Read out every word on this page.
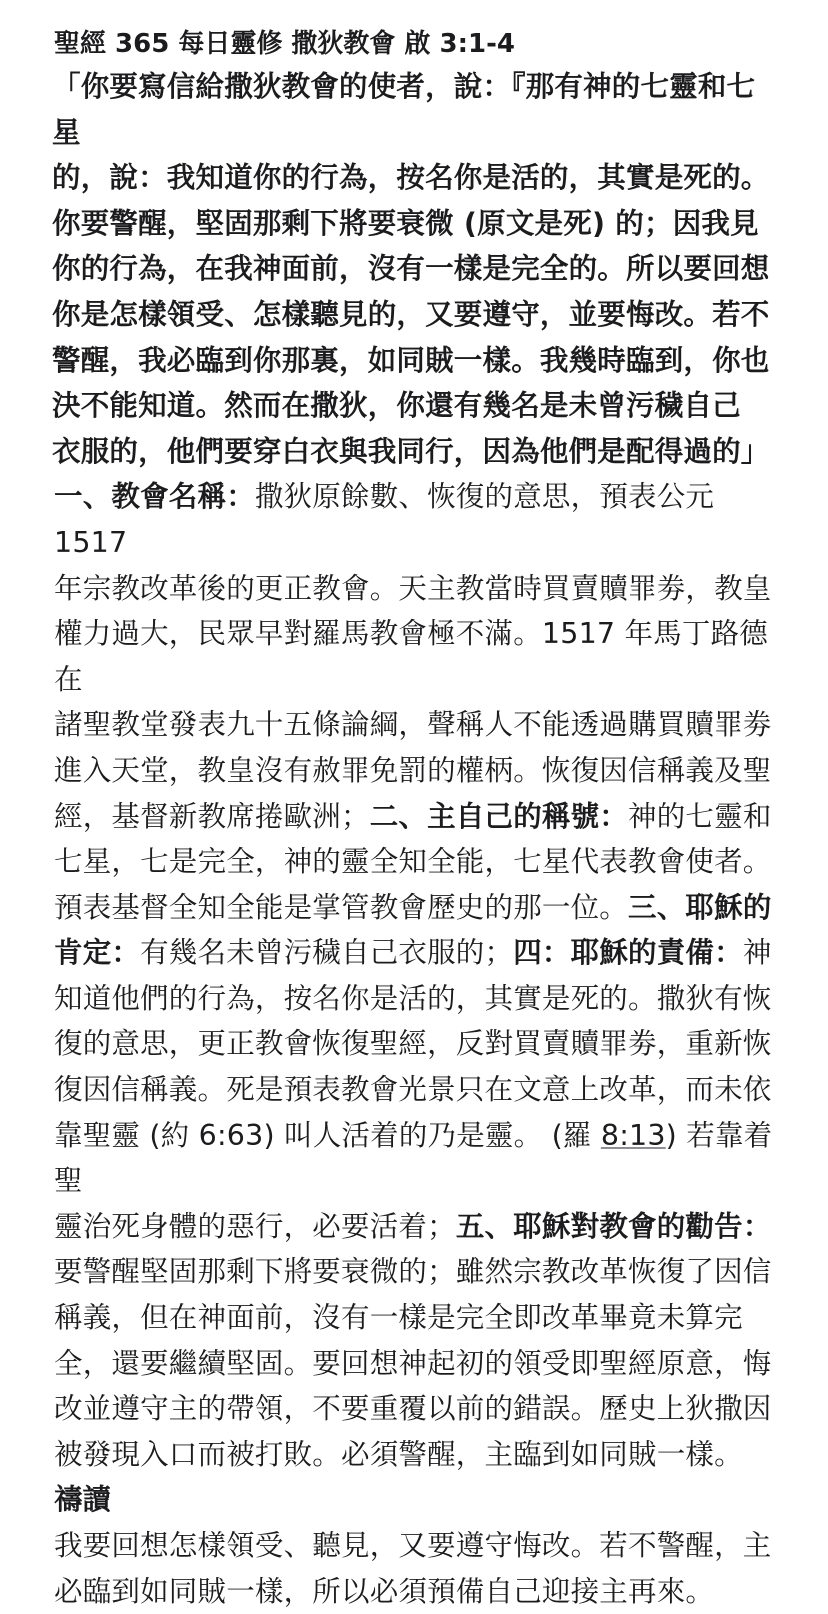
聖經 365 每日靈修 撒狄教會 啟 3:1-4

「你要寫信給撒狄教會的使者，說：『那有神的七靈和七星
的，說：我知道你的行為，按名你是活的，其實是死的。
你要警醒，堅固那剩下將要衰微 (原文是死) 的；因我見
你的行為，在我神面前，沒有一樣是完全的。所以要回想
你是怎樣領受、怎樣聽見的，又要遵守，並要悔改。若不
警醒，我必臨到你那裏，如同賊一樣。我幾時臨到，你也
決不能知道。然而在撒狄，你還有幾名是未曾污穢自己
衣服的，他們要穿白衣與我同行，因為他們是配得過的」

一、教會名稱：撒狄原餘數、恢復的意思，預表公元 1517
年宗教改革後的更正教會。天主教當時買賣贖罪劵，教皇
權力過大，民眾早對羅馬教會極不滿。1517 年馬丁路德在
諸聖教堂發表九十五條論綱，聲稱人不能透過購買贖罪劵
進入天堂，教皇沒有赦罪免罰的權柄。恢復因信稱義及聖
經，基督新教席捲歐洲；二、主自己的稱號：神的七靈和
七星，七是完全，神的靈全知全能，七星代表教會使者。
預表基督全知全能是掌管教會歷史的那一位。三、耶穌的
肯定：有幾名未曾污穢自己衣服的；四：耶穌的責備：神
知道他們的行為，按名你是活的，其實是死的。撒狄有恢
復的意思，更正教會恢復聖經，反對買賣贖罪劵，重新恢
復因信稱義。死是預表教會光景只在文意上改革，而未依
靠聖靈 (約 6:63) 叫人活着的乃是靈。 (羅 8:13) 若靠着聖
靈治死身體的惡行，必要活着；五、耶穌對教會的勸告：
要警醒堅固那剩下將要衰微的；雖然宗教改革恢復了因信
稱義，但在神面前，沒有一樣是完全即改革畢竟未算完
全，還要繼續堅固。要回想神起初的領受即聖經原意，悔
改並遵守主的帶領，不要重覆以前的錯誤。歷史上狄撒因
被發現入口而被打敗。必須警醒，主臨到如同賊一樣。

禱讀

我要回想怎樣領受、聽見，又要遵守悔改。若不警醒，主
必臨到如同賊一樣，所以必須預備自己迎接主再來。
